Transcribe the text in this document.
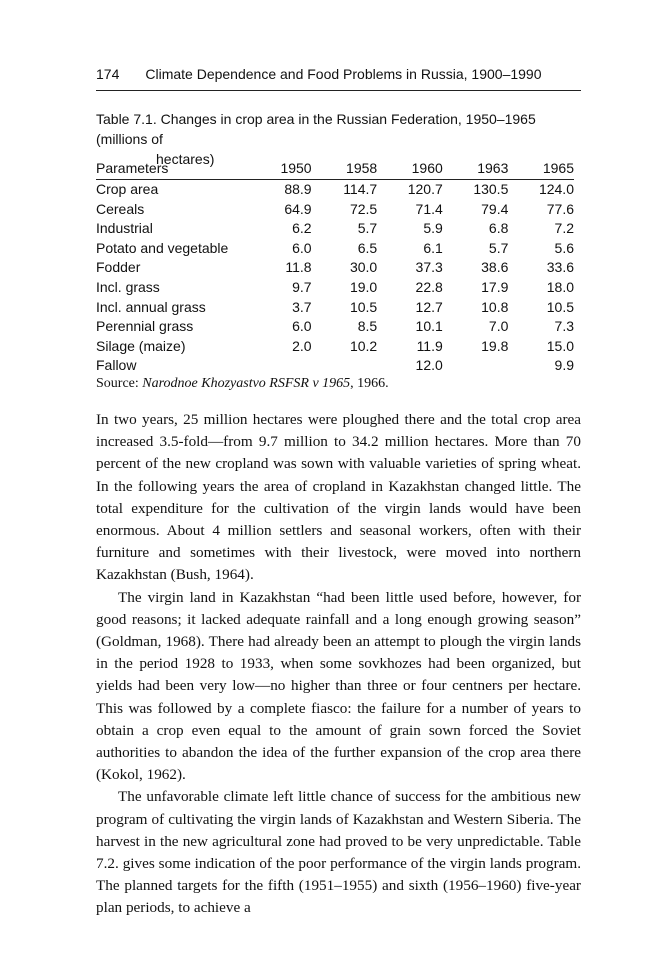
174 Climate Dependence and Food Problems in Russia, 1900–1990
Table 7.1. Changes in crop area in the Russian Federation, 1950–1965 (millions of
hectares)
Parameters	1950	1958	1960	1963	1965
Crop area	88.9	114.7	120.7	130.5	124.0
Cereals	64.9	72.5	71.4	79.4	77.6
Industrial	6.2	5.7	5.9	6.8	7.2
Potato and vegetable	6.0	6.5	6.1	5.7	5.6
Fodder	11.8	30.0	37.3	38.6	33.6
Incl. grass	9.7	19.0	22.8	17.9	18.0
Incl. annual grass	3.7	10.5	12.7	10.8	10.5
Perennial grass	6.0	8.5	10.1	7.0	7.3
Silage (maize)	2.0	10.2	11.9	19.8	15.0
Fallow			12.0		9.9
Source: Narodnoe Khozyastvo RSFSR v 1965, 1966.

In two years, 25 million hectares were ploughed there and the total crop area increased 3.5-fold—from 9.7 million to 34.2 million hectares. More than 70 percent of the new cropland was sown with valuable varieties of spring wheat. In the following years the area of cropland in Kazakhstan changed little. The total expenditure for the cultivation of the virgin lands would have been enormous. About 4 million settlers and seasonal workers, often with their furniture and sometimes with their livestock, were moved into northern Kazakhstan (Bush, 1964).

The virgin land in Kazakhstan “had been little used before, however, for good reasons; it lacked adequate rainfall and a long enough growing season” (Goldman, 1968). There had already been an attempt to plough the virgin lands in the period 1928 to 1933, when some sovkhozes had been organized, but yields had been very low—no higher than three or four centners per hectare. This was followed by a complete fiasco: the failure for a number of years to obtain a crop even equal to the amount of grain sown forced the Soviet authorities to abandon the idea of the further expansion of the crop area there (Kokol, 1962).

The unfavorable climate left little chance of success for the ambitious new program of cultivating the virgin lands of Kazakhstan and Western Siberia. The harvest in the new agricultural zone had proved to be very unpredictable. Table 7.2. gives some indication of the poor performance of the virgin lands program. The planned targets for the fifth (1951–1955) and sixth (1956–1960) five-year plan periods, to achieve a
